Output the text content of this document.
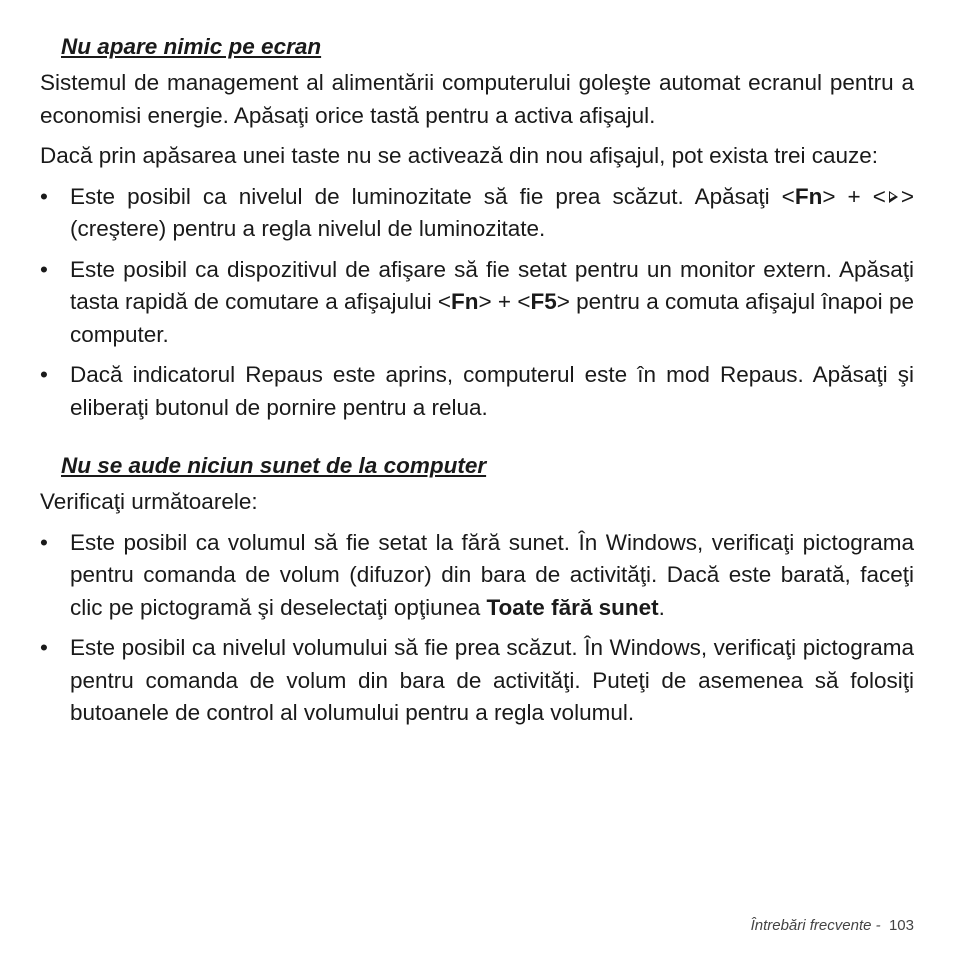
Nu apare nimic pe ecran

Sistemul de management al alimentării computerului goleşte automat ecranul pentru a economisi energie. Apăsaţi orice tastă pentru a activa afişajul.

Dacă prin apăsarea unei taste nu se activează din nou afişajul, pot exista trei cauze:

• Este posibil ca nivelul de luminozitate să fie prea scăzut. Apăsaţi <Fn> + < > (creştere) pentru a regla nivelul de luminozitate.
• Este posibil ca dispozitivul de afişare să fie setat pentru un monitor extern. Apăsaţi tasta rapidă de comutare a afişajului <Fn> + <F5> pentru a comuta afişajul înapoi pe computer.
• Dacă indicatorul Repaus este aprins, computerul este în mod Repaus. Apăsaţi şi eliberaţi butonul de pornire pentru a relua.
Nu se aude niciun sunet de la computer

Verificaţi următoarele:

• Este posibil ca volumul să fie setat la fără sunet. În Windows, verificaţi pictograma pentru comanda de volum (difuzor) din bara de activităţi. Dacă este barată, faceţi clic pe pictogramă şi deselectaţi opţiunea Toate fără sunet.
• Este posibil ca nivelul volumului să fie prea scăzut. În Windows, verificaţi pictograma pentru comanda de volum din bara de activităţi. Puteţi de asemenea să folosiţi butoanele de control al volumului pentru a regla volumul.
Întrebări frecvente - 103
